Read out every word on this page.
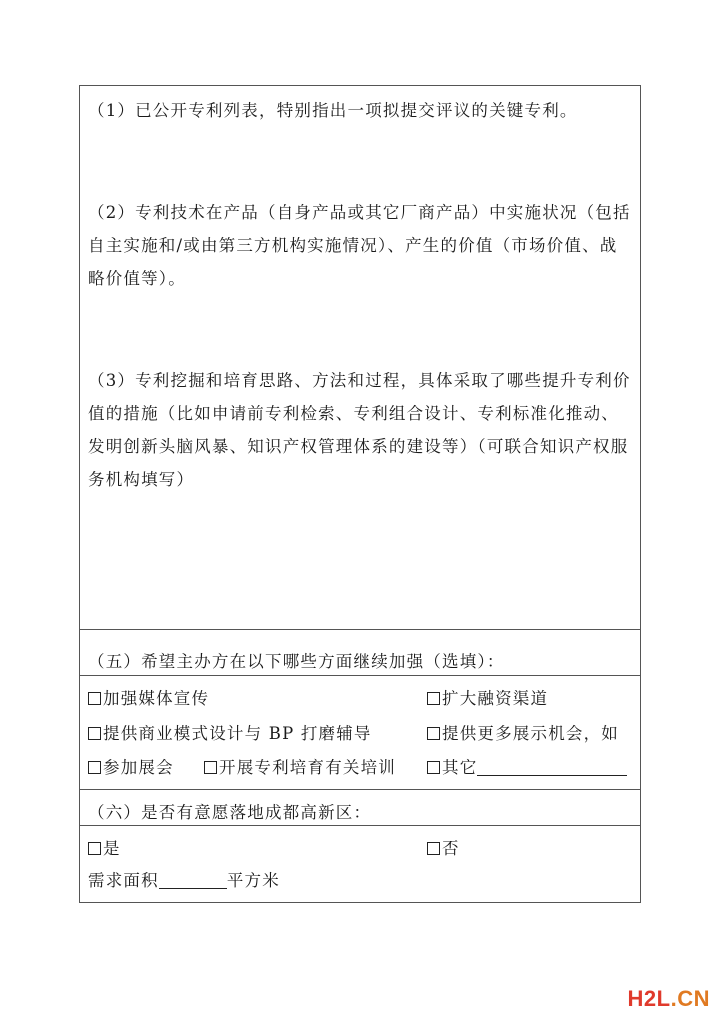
（1）已公开专利列表，特别指出一项拟提交评议的关键专利。
（2）专利技术在产品（自身产品或其它厂商产品）中实施状况（包括自主实施和/或由第三方机构实施情况）、产生的价值（市场价值、战略价值等）。
（3）专利挖掘和培育思路、方法和过程，具体采取了哪些提升专利价值的措施（比如申请前专利检索、专利组合设计、专利标准化推动、发明创新头脑风暴、知识产权管理体系的建设等）（可联合知识产权服务机构填写）
（五）希望主办方在以下哪些方面继续加强（选填）：
加强媒体宣传	扩大融资渠道
提供商业模式设计与 BP 打磨辅导	提供更多展示机会，如
参加展会	开展专利培育有关培训	其它
（六）是否有意愿落地成都高新区：
是	否
需求面积	平方米
H2L.CN
